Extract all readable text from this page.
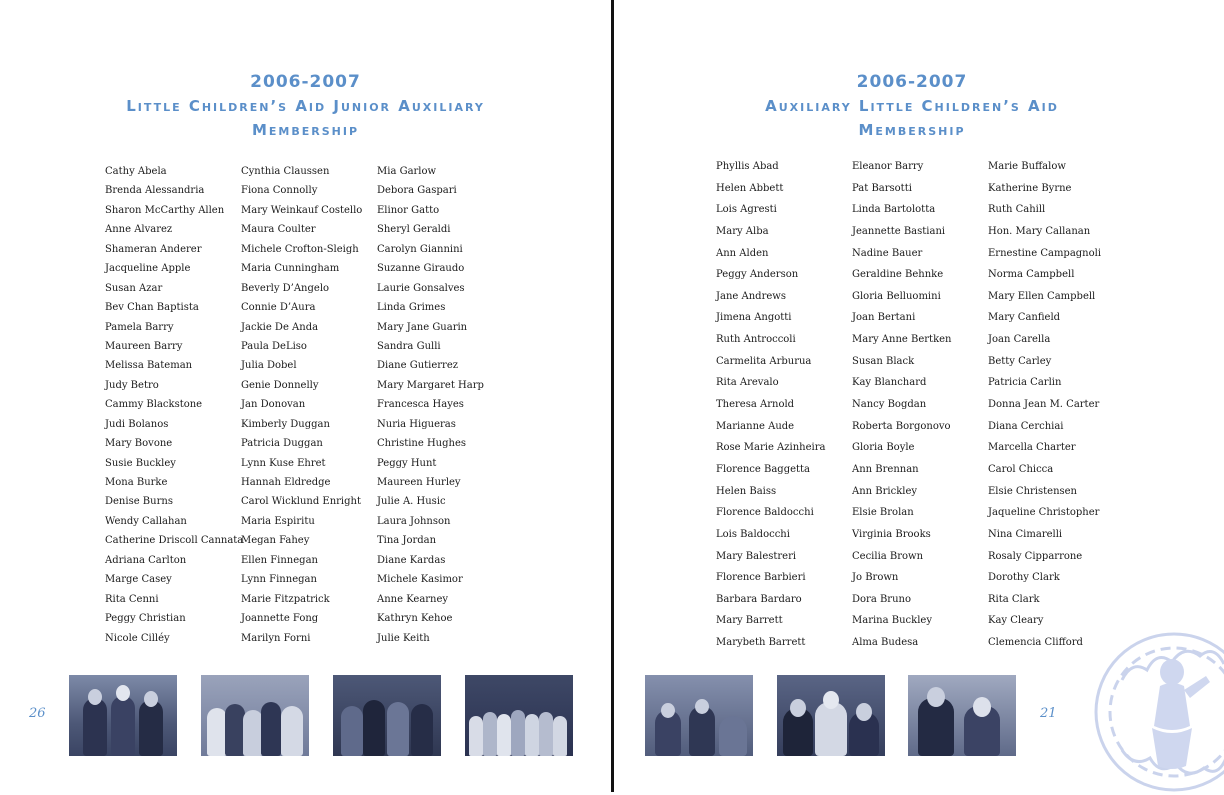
2006-2007
Little Children’s Aid Junior Auxiliary
Membership
Cathy Abela
Brenda Alessandria
Sharon McCarthy Allen
Anne Alvarez
Shameran Anderer
Jacqueline Apple
Susan Azar
Bev Chan Baptista
Pamela Barry
Maureen Barry
Melissa Bateman
Judy Betro
Cammy Blackstone
Judi Bolanos
Mary Bovone
Susie Buckley
Mona Burke
Denise Burns
Wendy Callahan
Catherine Driscoll Cannata
Adriana Carlton
Marge Casey
Rita Cenni
Peggy Christian
Nicole Cilléy
Cynthia Claussen
Fiona Connolly
Mary Weinkauf Costello
Maura Coulter
Michele Crofton-Sleigh
Maria Cunningham
Beverly D’Angelo
Connie D’Aura
Jackie De Anda
Paula DeLiso
Julia Dobel
Genie Donnelly
Jan Donovan
Kimberly Duggan
Patricia Duggan
Lynn Kuse Ehret
Hannah Eldredge
Carol Wicklund Enright
Maria Espiritu
Megan Fahey
Ellen Finnegan
Lynn Finnegan
Marie Fitzpatrick
Joannette Fong
Marilyn Forni
Mia Garlow
Debora Gaspari
Elinor Gatto
Sheryl Geraldi
Carolyn Giannini
Suzanne Giraudo
Laurie Gonsalves
Linda Grimes
Mary Jane Guarin
Sandra Gulli
Diane Gutierrez
Mary Margaret Harp
Francesca Hayes
Nuria Higueras
Christine Hughes
Peggy Hunt
Maureen Hurley
Julie A. Husic
Laura Johnson
Tina Jordan
Diane Kardas
Michele Kasimor
Anne Kearney
Kathryn Kehoe
Julie Keith
26
2006-2007
Auxiliary Little Children’s Aid
Membership
Phyllis Abad
Helen Abbett
Lois Agresti
Mary Alba
Ann Alden
Peggy Anderson
Jane Andrews
Jimena Angotti
Ruth Antroccoli
Carmelita Arburua
Rita Arevalo
Theresa Arnold
Marianne Aude
Rose Marie Azinheira
Florence Baggetta
Helen Baiss
Florence Baldocchi
Lois Baldocchi
Mary Balestreri
Florence Barbieri
Barbara Bardaro
Mary Barrett
Marybeth Barrett
Eleanor Barry
Pat Barsotti
Linda Bartolotta
Jeannette Bastiani
Nadine Bauer
Geraldine Behnke
Gloria Belluomini
Joan Bertani
Mary Anne Bertken
Susan Black
Kay Blanchard
Nancy Bogdan
Roberta Borgonovo
Gloria Boyle
Ann Brennan
Ann Brickley
Elsie Brolan
Virginia Brooks
Cecilia Brown
Jo Brown
Dora Bruno
Marina Buckley
Alma Budesa
Marie Buffalow
Katherine Byrne
Ruth Cahill
Hon. Mary Callanan
Ernestine Campagnoli
Norma Campbell
Mary Ellen Campbell
Mary Canfield
Joan Carella
Betty Carley
Patricia Carlin
Donna Jean M. Carter
Diana Cerchiai
Marcella Charter
Carol Chicca
Elsie Christensen
Jaqueline Christopher
Nina Cimarelli
Rosaly Cipparrone
Dorothy Clark
Rita Clark
Kay Cleary
Clemencia Clifford
21
